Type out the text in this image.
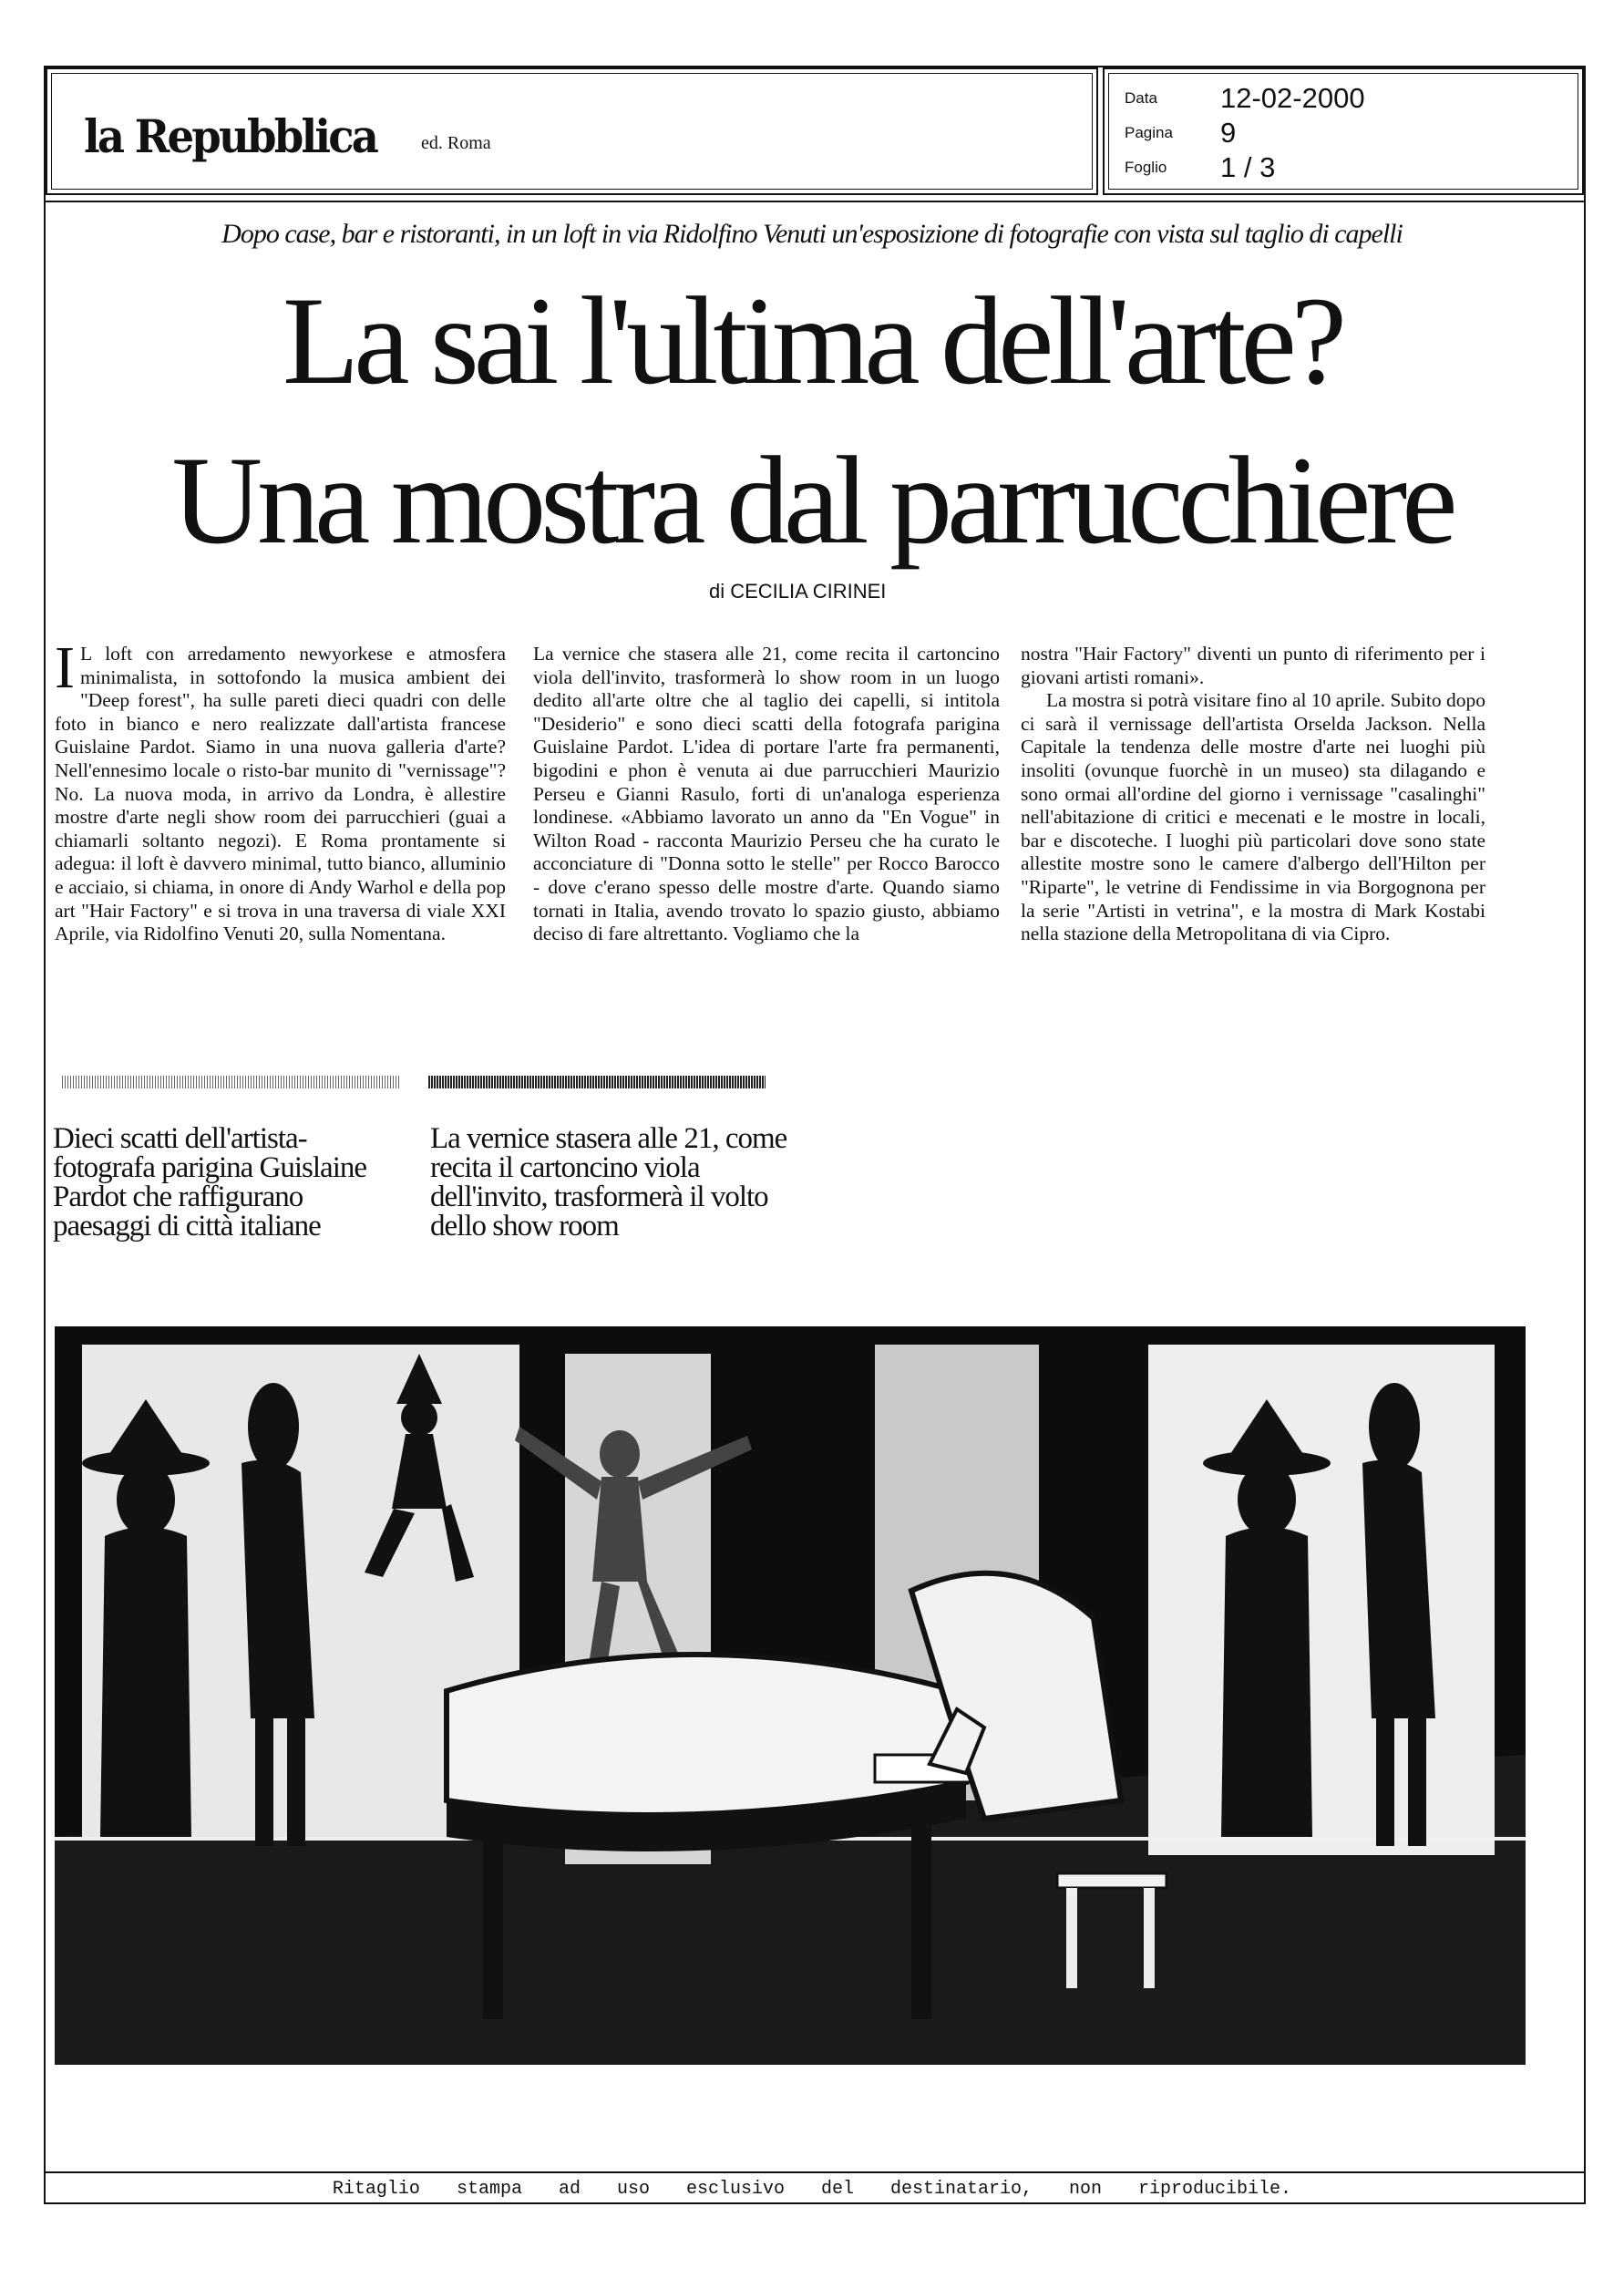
la Repubblica ed. Roma
Data 12-02-2000
Pagina 9
Foglio 1 / 3
Dopo case, bar e ristoranti, in un loft in via Ridolfino Venuti un'esposizione di fotografie con vista sul taglio di capelli
La sai l'ultima dell'arte?
Una mostra dal parrucchiere
di CECILIA CIRINEI
I L loft con arredamento newyorkese e atmosfera minimalista, in sottofondo la musica ambient dei "Deep forest", ha sulle pareti dieci quadri con delle foto in bianco e nero realizzate dall'artista francese Guislaine Pardot. Siamo in una nuova galleria d'arte? Nell'ennesimo locale o risto-bar munito di "vernissage"? No. La nuova moda, in arrivo da Londra, è allestire mostre d'arte negli show room dei parrucchieri (guai a chiamarli soltanto negozi). E Roma prontamente si adegua: il loft è davvero minimal, tutto bianco, alluminio e acciaio, si chiama, in onore di Andy Warhol e della pop art "Hair Factory" e si trova in una traversa di viale XXI Aprile, via Ridolfino Venuti 20, sulla Nomentana.

La vernice che stasera alle 21, come recita il cartoncino viola dell'invito, trasformerà lo show room in un luogo dedito all'arte oltre che al taglio dei capelli, si intitola "Desiderio" e sono dieci scatti della fotografa parigina Guislaine Pardot. L'idea di portare l'arte fra permanenti, bigodini e phon è venuta ai due parrucchieri Maurizio Perseu e Gianni Rasulo, forti di un'analoga esperienza londinese. «Abbiamo lavorato un anno da "En Vogue" in Wilton Road - racconta Maurizio Perseu che ha curato le acconciature di "Donna sotto le stelle" per Rocco Barocco - dove c'erano spesso delle mostre d'arte. Quando siamo tornati in Italia, avendo trovato lo spazio giusto, abbiamo deciso di fare altrettanto. Vogliamo che la

nostra "Hair Factory" diventi un punto di riferimento per i giovani artisti romani».

La mostra si potrà visitare fino al 10 aprile. Subito dopo ci sarà il vernissage dell'artista Orselda Jackson. Nella Capitale la tendenza delle mostre d'arte nei luoghi più insoliti (ovunque fuorchè in un museo) sta dilagando e sono ormai all'ordine del giorno i vernissage "casalinghi" nell'abitazione di critici e mecenati e le mostre in locali, bar e discoteche. I luoghi più particolari dove sono state allestite mostre sono le camere d'albergo dell'Hilton per "Riparte", le vetrine di Fendissime in via Borgognona per la serie "Artisti in vetrina", e la mostra di Mark Kostabi nella stazione della Metropolitana di via Cipro.

Dieci scatti dell'artista-fotografa parigina Guislaine Pardot che raffigurano paesaggi di città italiane
La vernice stasera alle 21, come recita il cartoncino viola dell'invito, trasformerà il volto dello show room
Ritaglio stampa ad uso esclusivo del destinatario, non riproducibile.
